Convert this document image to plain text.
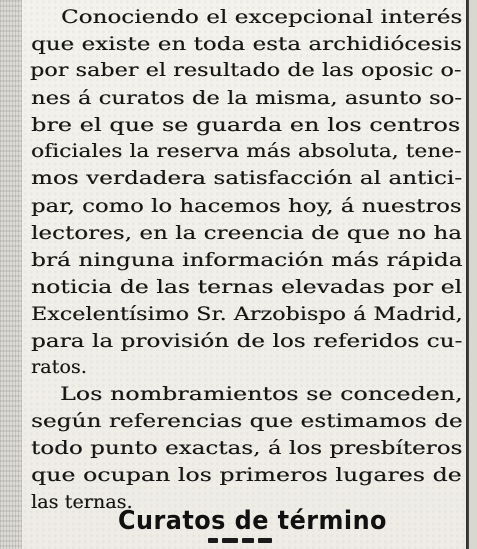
Conociendo el excepcional interés
que existe en toda esta archidiócesis
por saber el resultado de las oposic o-
nes á curatos de la misma, asunto so-
bre el que se guarda en los centros
oficiales la reserva más absoluta, tene-
mos verdadera satisfacción al antici-
par, como lo hacemos hoy, á nuestros
lectores, en la creencia de que no ha
brá ninguna información más rápida
noticia de las ternas elevadas por el
Excelentísimo Sr. Arzobispo á Madrid,
para la provisión de los referidos cu-
ratos.
Los nombramientos se conceden,
según referencias que estimamos de
todo punto exactas, á los presbíteros
que ocupan los primeros lugares de
las ternas.
Curatos de término
